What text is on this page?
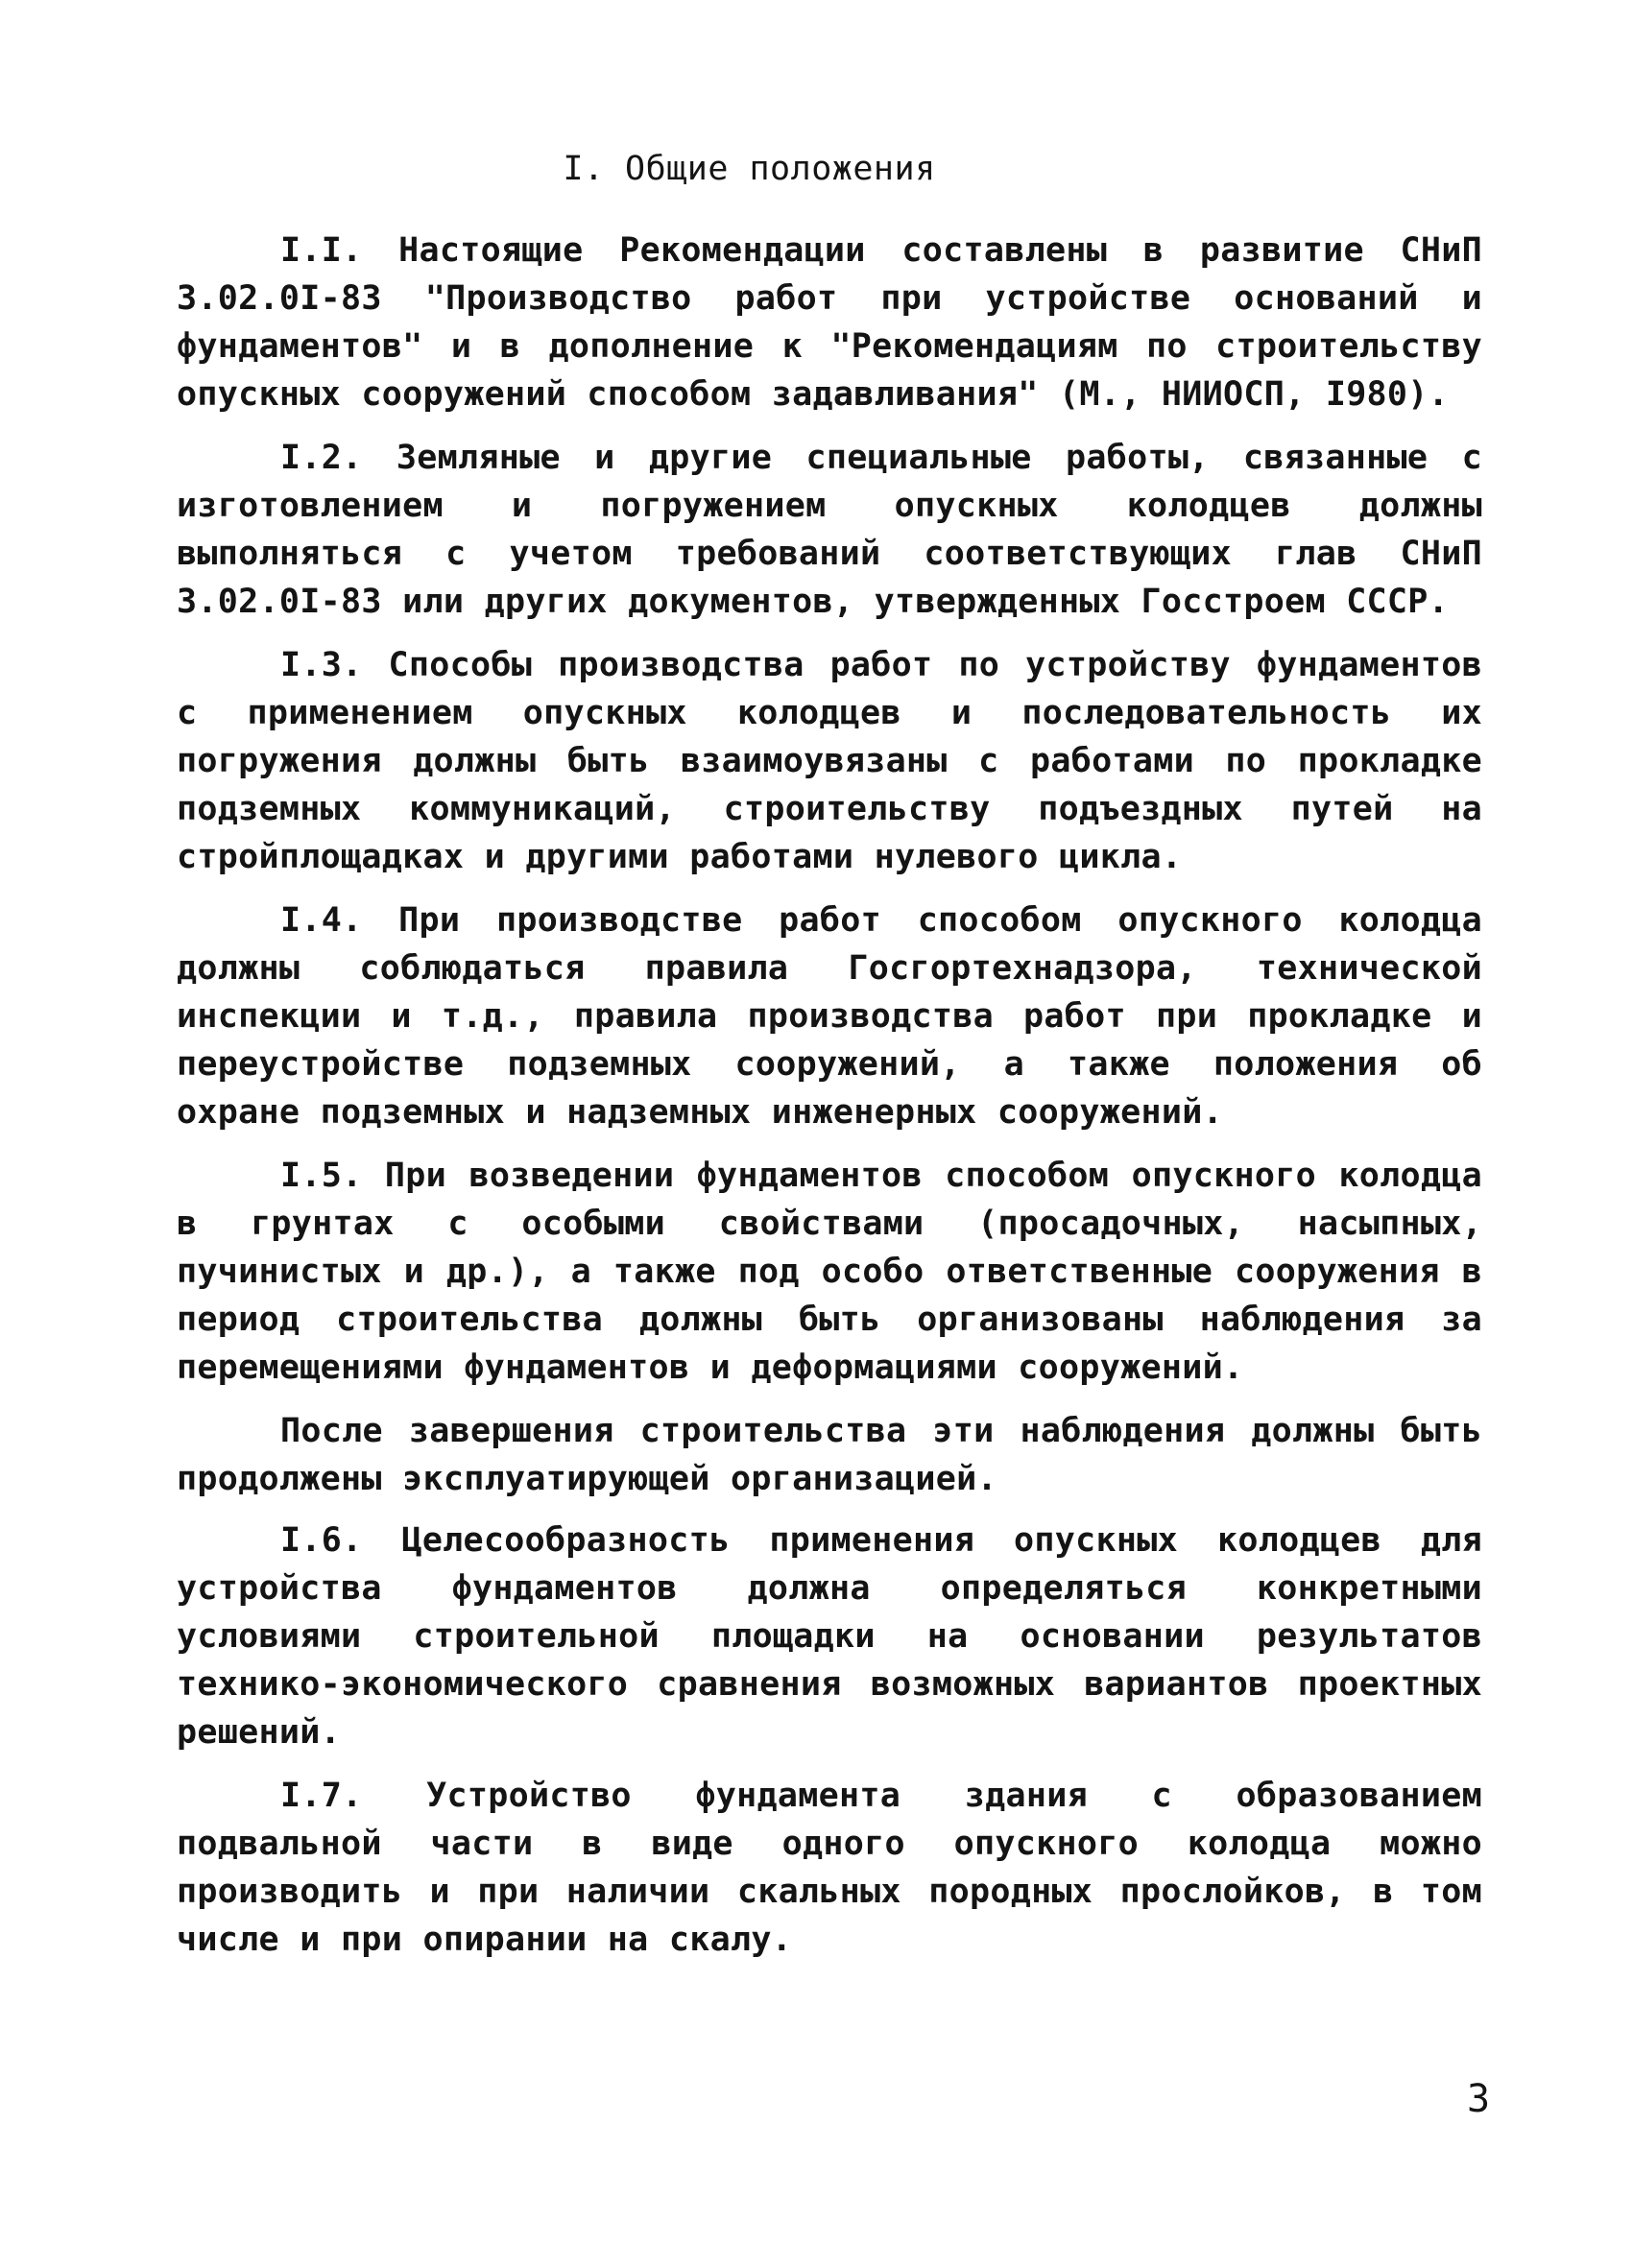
I. Общие положения

I.I. Настоящие Рекомендации составлены в развитие СНиП 3.02.0I-83 "Производство работ при устройстве оснований и фундаментов" и в дополнение к "Рекомендациям по строительству опускных сооружений способом задавливания" (М., НИИОСП, I980).

I.2. Земляные и другие специальные работы, связанные с изготовлением и погружением опускных колодцев должны выполняться с учетом требований соответствующих глав СНиП 3.02.0I-83 или других документов, утвержденных Госстроем СССР.

I.3. Способы производства работ по устройству фундаментов с применением опускных колодцев и последовательность их погружения должны быть взаимоувязаны с работами по прокладке подземных коммуникаций, строительству подъездных путей на стройплощадках и другими работами нулевого цикла.

I.4. При производстве работ способом опускного колодца должны соблюдаться правила Госгортехнадзора, технической инспекции и т.д., правила производства работ при прокладке и переустройстве подземных сооружений, а также положения об охране подземных и надземных инженерных сооружений.

I.5. При возведении фундаментов способом опускного колодца в грунтах с особыми свойствами (просадочных, насыпных, пучинистых и др.), а также под особо ответственные сооружения в период строительства должны быть организованы наблюдения за перемещениями фундаментов и деформациями сооружений.

После завершения строительства эти наблюдения должны быть продолжены эксплуатирующей организацией.

I.6. Целесообразность применения опускных колодцев для устройства фундаментов должна определяться конкретными условиями строительной площадки на основании результатов технико-экономического сравнения возможных вариантов проектных решений.

I.7. Устройство фундамента здания с образованием подвальной части в виде одного опускного колодца можно производить и при наличии скальных породных прослойков, в том числе и при опирании на скалу.

3
